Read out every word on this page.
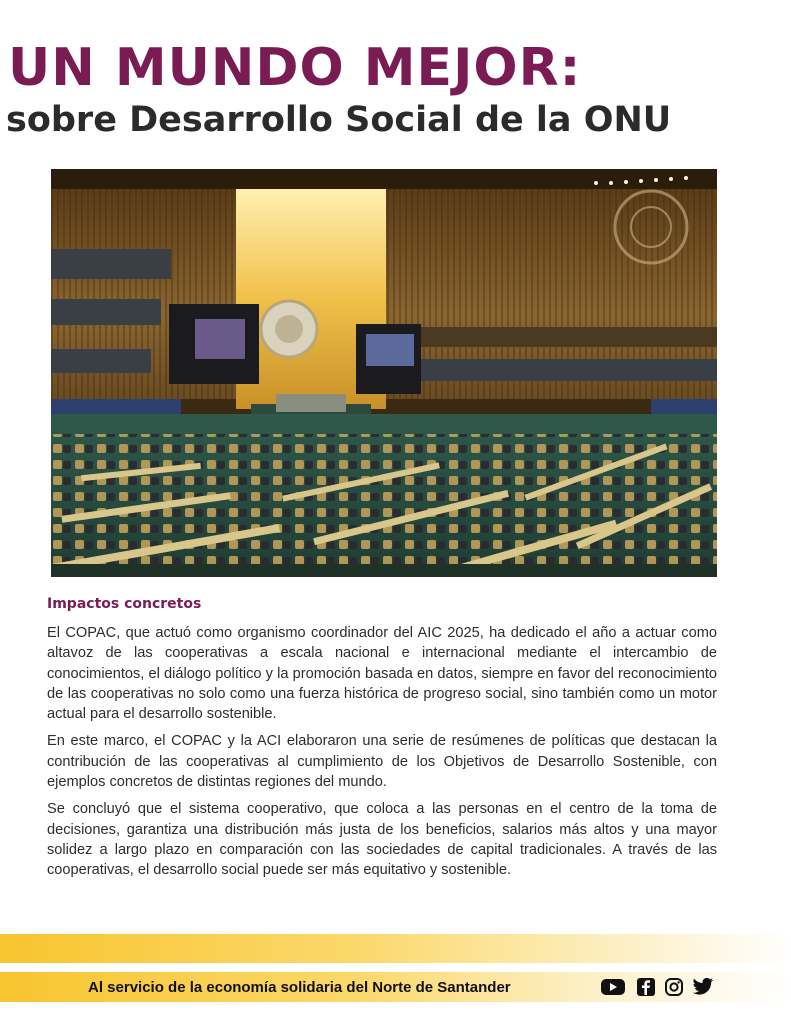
UN MUNDO MEJOR:
sobre Desarrollo Social de la ONU
Impactos concretos

El COPAC, que actuó como organismo coordinador del AIC 2025, ha dedicado el año a actuar como altavoz de las cooperativas a escala nacional e internacional mediante el intercambio de conocimientos, el diálogo político y la promoción basada en datos, siempre en favor del reconocimiento de las cooperativas no solo como una fuerza histórica de progreso social, sino también como un motor actual para el desarrollo sostenible.

En este marco, el COPAC y la ACI elaboraron una serie de resúmenes de políticas que destacan la contribución de las cooperativas al cumplimiento de los Objetivos de Desarrollo Sostenible, con ejemplos concretos de distintas regiones del mundo.

Se concluyó que el sistema cooperativo, que coloca a las personas en el centro de la toma de decisiones, garantiza una distribución más justa de los beneficios, salarios más altos y una mayor solidez a largo plazo en comparación con las sociedades de capital tradicionales. A través de las cooperativas, el desarrollo social puede ser más equitativo y sostenible.

Al servicio de la economía solidaria del Norte de Santander
